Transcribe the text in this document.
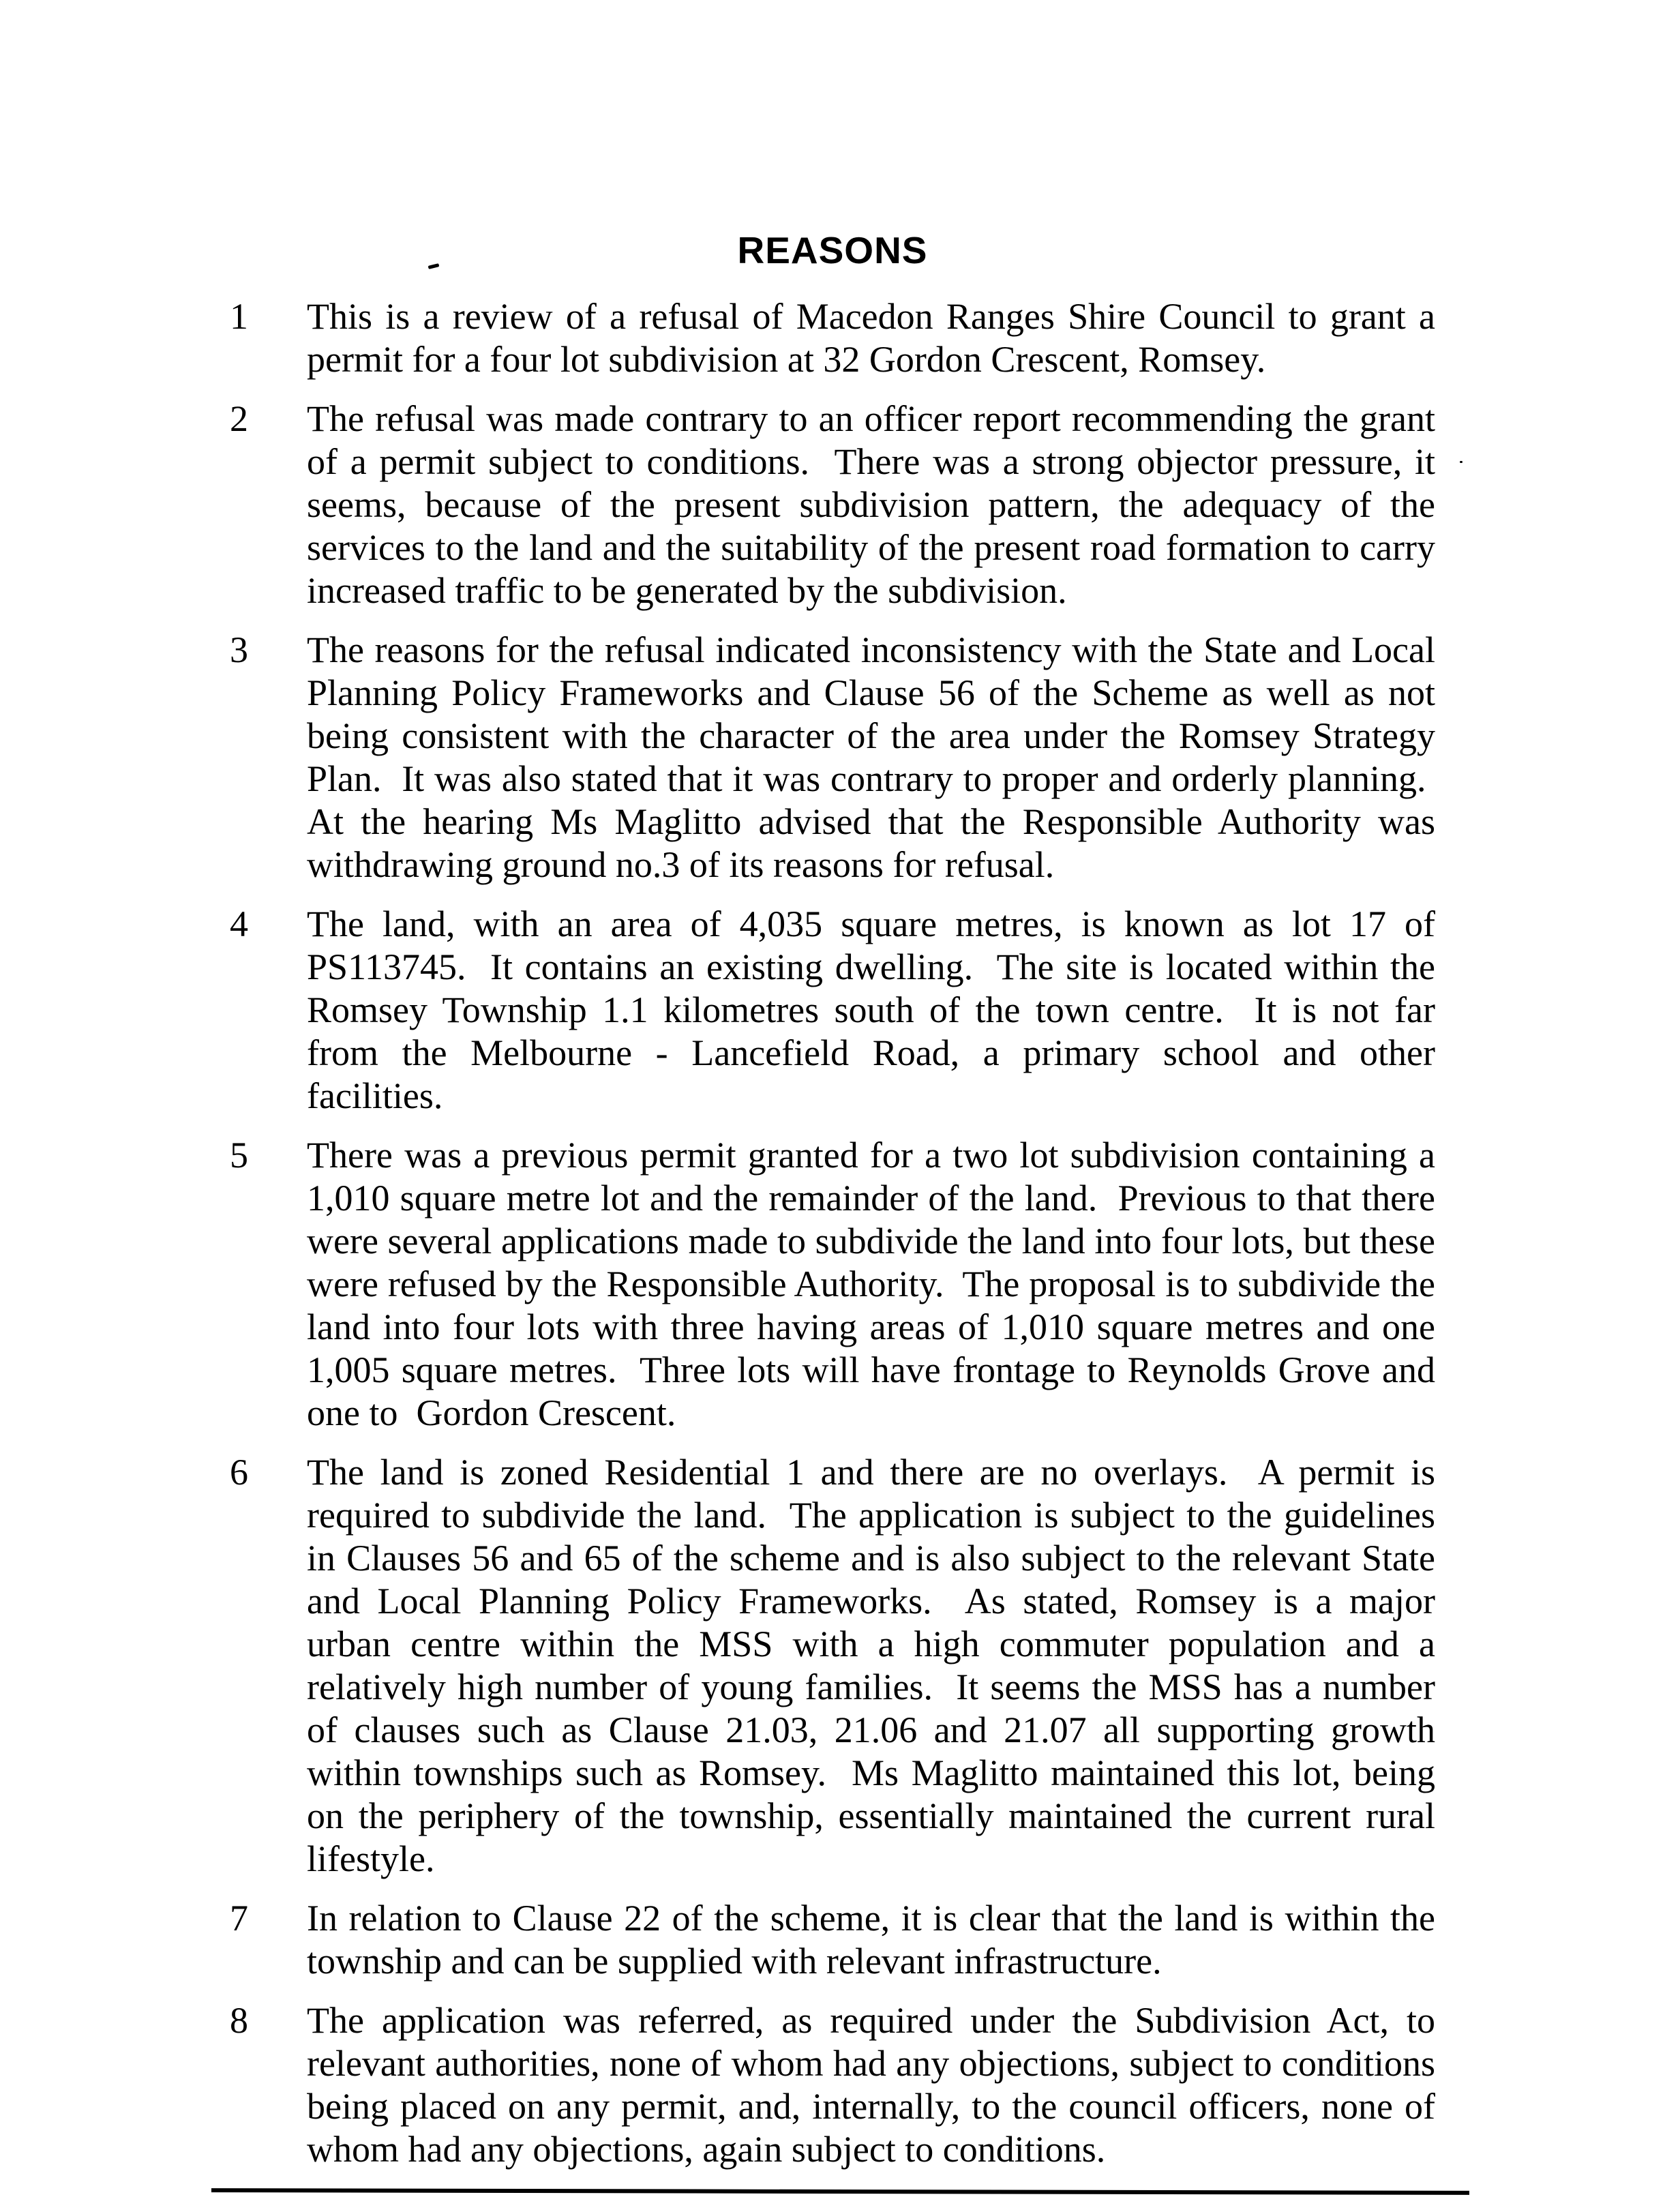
REASONS
1	This is a review of a refusal of Macedon Ranges Shire Council to grant a permit for a four lot subdivision at 32 Gordon Crescent, Romsey.
2	The refusal was made contrary to an officer report recommending the grant of a permit subject to conditions.  There was a strong objector pressure, it seems, because of the present subdivision pattern, the adequacy of the services to the land and the suitability of the present road formation to carry increased traffic to be generated by the subdivision.
3	The reasons for the refusal indicated inconsistency with the State and Local Planning Policy Frameworks and Clause 56 of the Scheme as well as not being consistent with the character of the area under the Romsey Strategy Plan.  It was also stated that it was contrary to proper and orderly planning.  At the hearing Ms Maglitto advised that the Responsible Authority was withdrawing ground no.3 of its reasons for refusal.
4	The land, with an area of 4,035 square metres, is known as lot 17 of PS113745.  It contains an existing dwelling.  The site is located within the Romsey Township 1.1 kilometres south of the town centre.  It is not far from the Melbourne - Lancefield Road, a primary school and other facilities.
5	There was a previous permit granted for a two lot subdivision containing a 1,010 square metre lot and the remainder of the land.  Previous to that there were several applications made to subdivide the land into four lots, but these were refused by the Responsible Authority.  The proposal is to subdivide the land into four lots with three having areas of 1,010 square metres and one 1,005 square metres.  Three lots will have frontage to Reynolds Grove and one to  Gordon Crescent.
6	The land is zoned Residential 1 and there are no overlays.  A permit is required to subdivide the land.  The application is subject to the guidelines in Clauses 56 and 65 of the scheme and is also subject to the relevant State and Local Planning Policy Frameworks.  As stated, Romsey is a major urban centre within the MSS with a high commuter population and a relatively high number of young families.  It seems the MSS has a number of clauses such as Clause 21.03, 21.06 and 21.07 all supporting growth within townships such as Romsey.  Ms Maglitto maintained this lot, being on the periphery of the township, essentially maintained the current rural lifestyle.
7	In relation to Clause 22 of the scheme, it is clear that the land is within the township and can be supplied with relevant infrastructure.
8	The application was referred, as required under the Subdivision Act, to relevant authorities, none of whom had any objections, subject to conditions being placed on any permit, and, internally, to the council officers, none of whom had any objections, again subject to conditions.
